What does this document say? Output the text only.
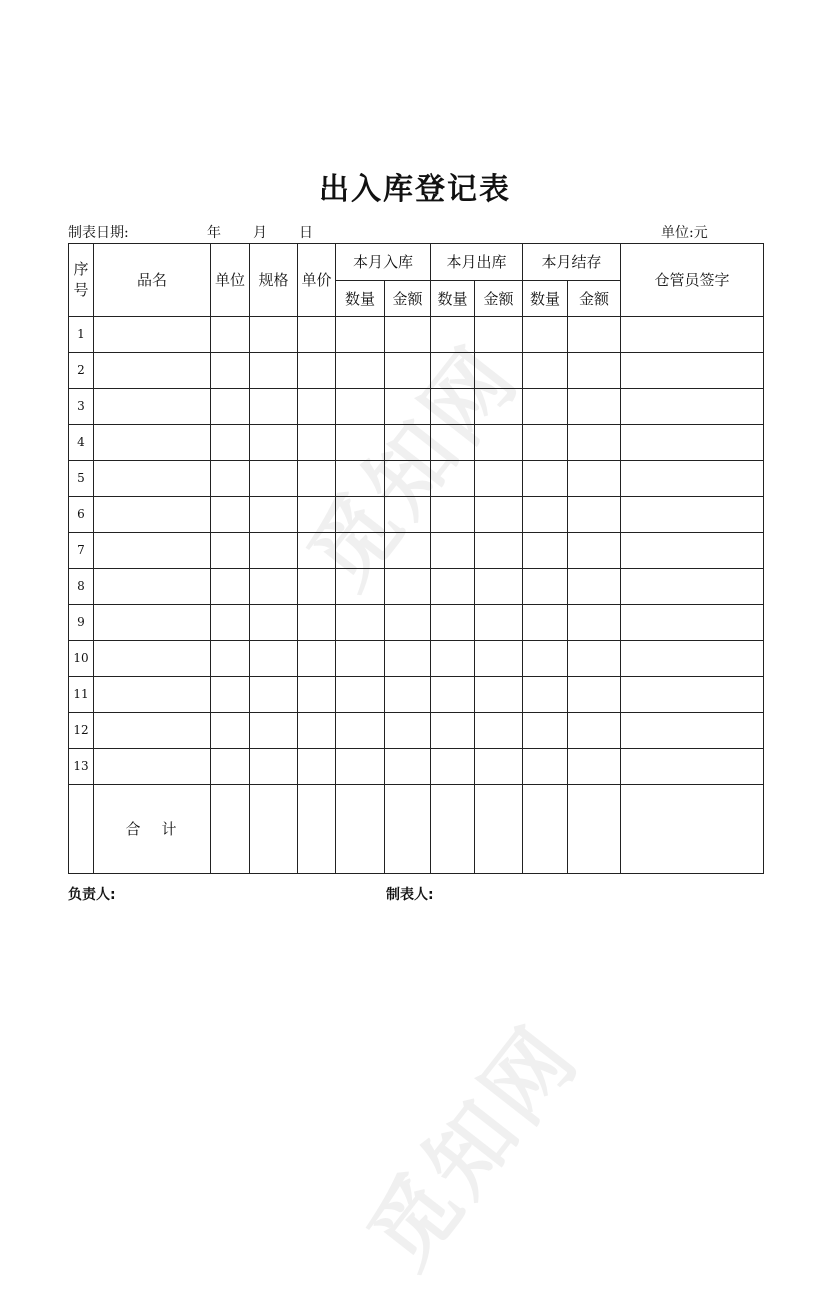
觅知网
觅知网
出入库登记表
制表日期:	年 月 日	单位:元
序号	品名	单位	规格	单价	本月入库		本月出库		本月结存		仓管员签字
					数量	金额	数量	金额	数量	金额	
1											
2											
3											
4											
5											
6											
7											
8											
9											
10											
11											
12											
13											
	合 计										
负责人:	制表人:
